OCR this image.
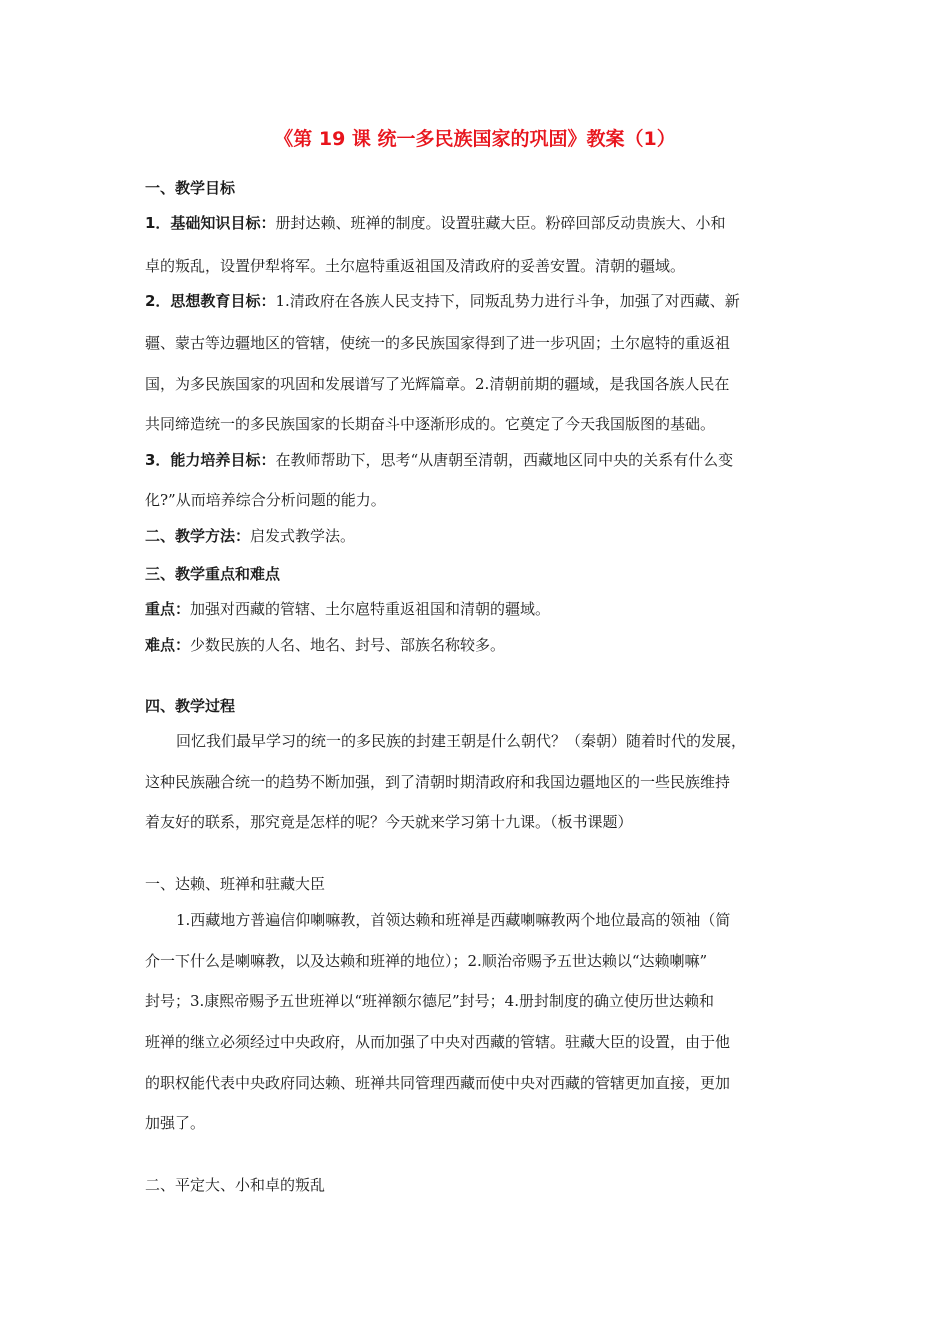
《第 19 课 统一多民族国家的巩固》教案（1）
一、教学目标
1．基础知识目标：册封达赖、班禅的制度。设置驻藏大臣。粉碎回部反动贵族大、小和
卓的叛乱，设置伊犁将军。土尔扈特重返祖国及清政府的妥善安置。清朝的疆域。
2．思想教育目标：1.清政府在各族人民支持下，同叛乱势力进行斗争，加强了对西藏、新
疆、蒙古等边疆地区的管辖，使统一的多民族国家得到了进一步巩固；土尔扈特的重返祖
国，为多民族国家的巩固和发展谱写了光辉篇章。2.清朝前期的疆域，是我国各族人民在
共同缔造统一的多民族国家的长期奋斗中逐渐形成的。它奠定了今天我国版图的基础。
3．能力培养目标：在教师帮助下，思考“从唐朝至清朝，西藏地区同中央的关系有什么变
化?”从而培养综合分析问题的能力。
二、教学方法：启发式教学法。
三、教学重点和难点
重点：加强对西藏的管辖、土尔扈特重返祖国和清朝的疆域。
难点：少数民族的人名、地名、封号、部族名称较多。
四、教学过程
回忆我们最早学习的统一的多民族的封建王朝是什么朝代？（秦朝）随着时代的发展，
这种民族融合统一的趋势不断加强，到了清朝时期清政府和我国边疆地区的一些民族维持
着友好的联系，那究竟是怎样的呢？今天就来学习第十九课。（板书课题）
一、达赖、班禅和驻藏大臣
1.西藏地方普遍信仰喇嘛教，首领达赖和班禅是西藏喇嘛教两个地位最高的领袖（简
介一下什么是喇嘛教，以及达赖和班禅的地位）；2.顺治帝赐予五世达赖以“达赖喇嘛”
封号；3.康熙帝赐予五世班禅以“班禅额尔德尼”封号；4.册封制度的确立使历世达赖和
班禅的继立必须经过中央政府，从而加强了中央对西藏的管辖。驻藏大臣的设置，由于他
的职权能代表中央政府同达赖、班禅共同管理西藏而使中央对西藏的管辖更加直接，更加
加强了。
二、平定大、小和卓的叛乱
